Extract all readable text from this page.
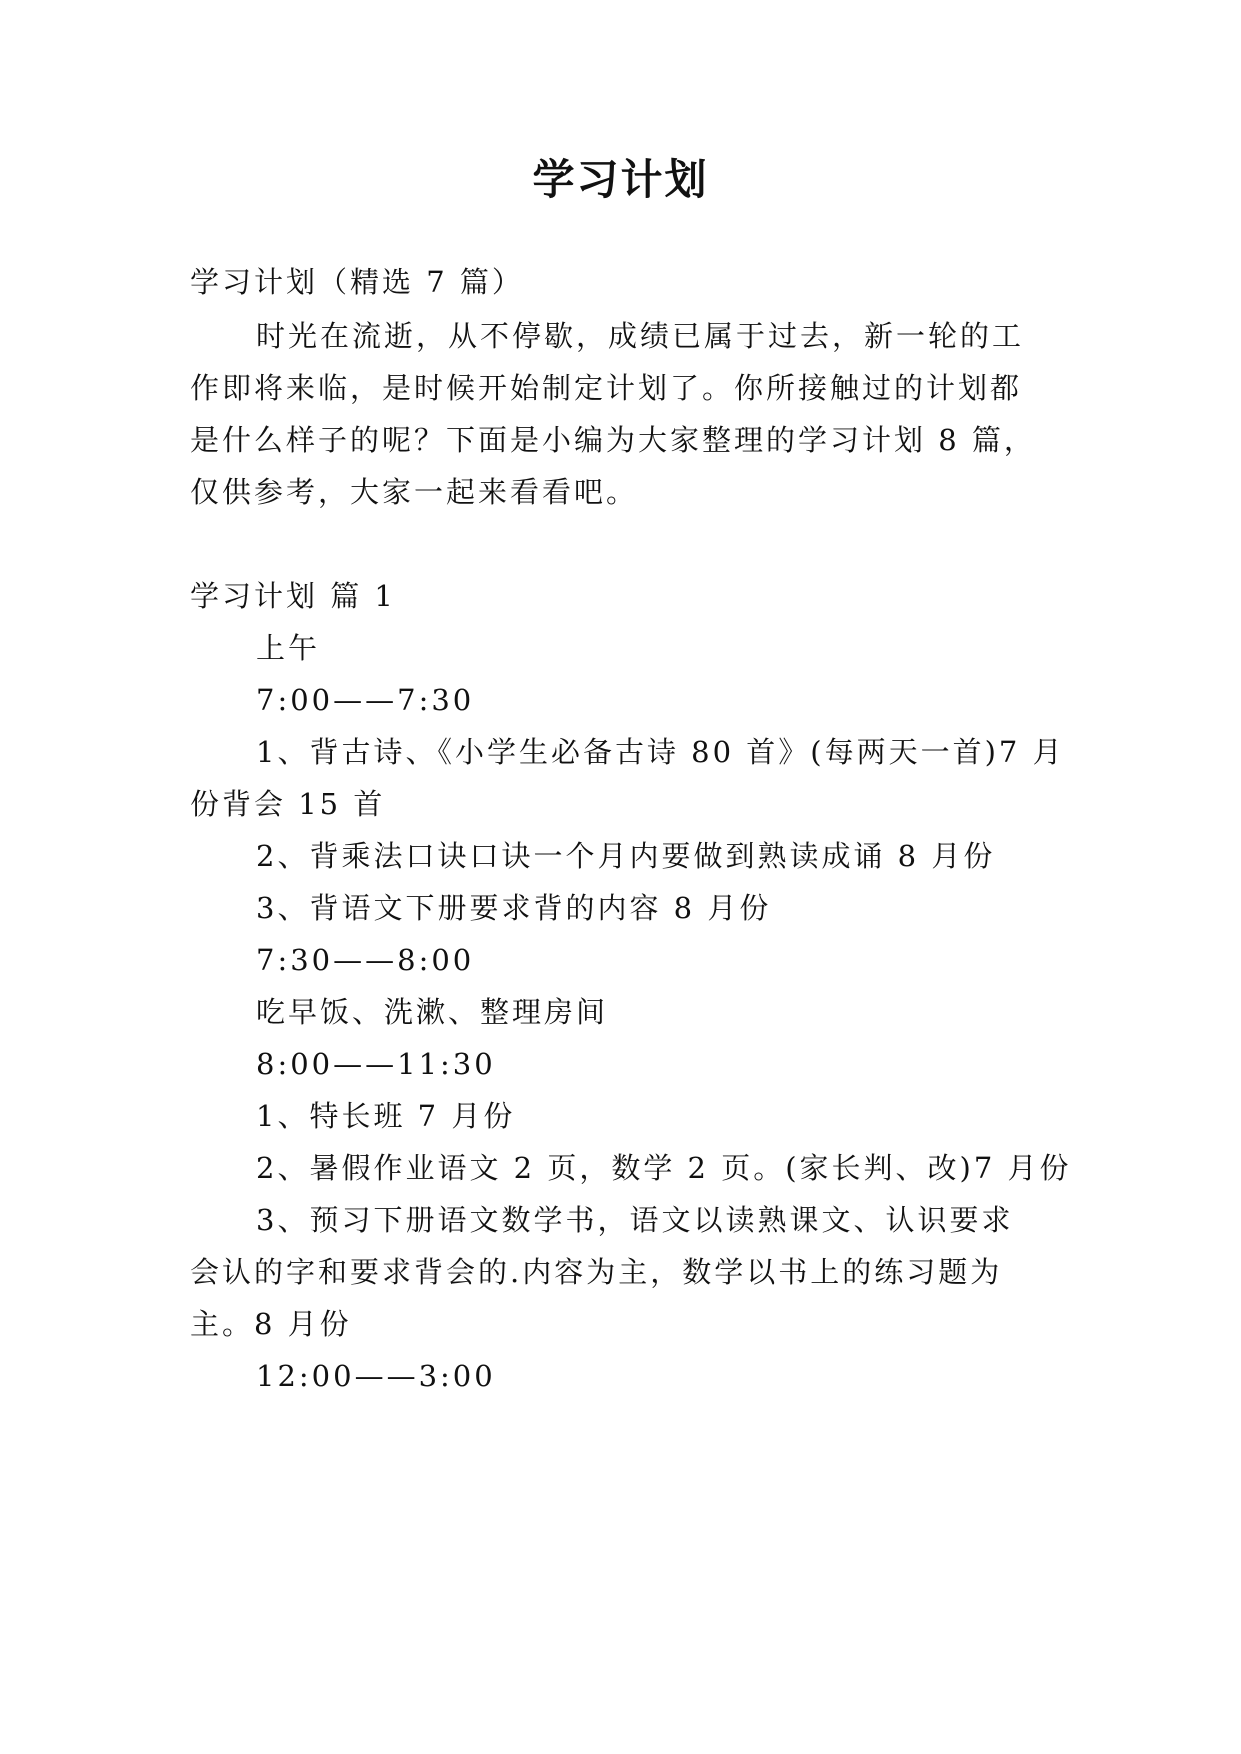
学习计划
学习计划（精选 7 篇）
时光在流逝，从不停歇，成绩已属于过去，新一轮的工
作即将来临，是时候开始制定计划了。你所接触过的计划都
是什么样子的呢？下面是小编为大家整理的学习计划 8 篇，
仅供参考，大家一起来看看吧。
学习计划 篇 1
上午
7:00——7:30
1、背古诗、《小学生必备古诗 80 首》(每两天一首)7 月
份背会 15 首
2、背乘法口诀口诀一个月内要做到熟读成诵 8 月份
3、背语文下册要求背的内容 8 月份
7:30——8:00
吃早饭、洗漱、整理房间
8:00——11:30
1、特长班 7 月份
2、暑假作业语文 2 页，数学 2 页。(家长判、改)7 月份
3、预习下册语文数学书，语文以读熟课文、认识要求
会认的字和要求背会的.内容为主，数学以书上的练习题为
主。8 月份
12:00——3:00
